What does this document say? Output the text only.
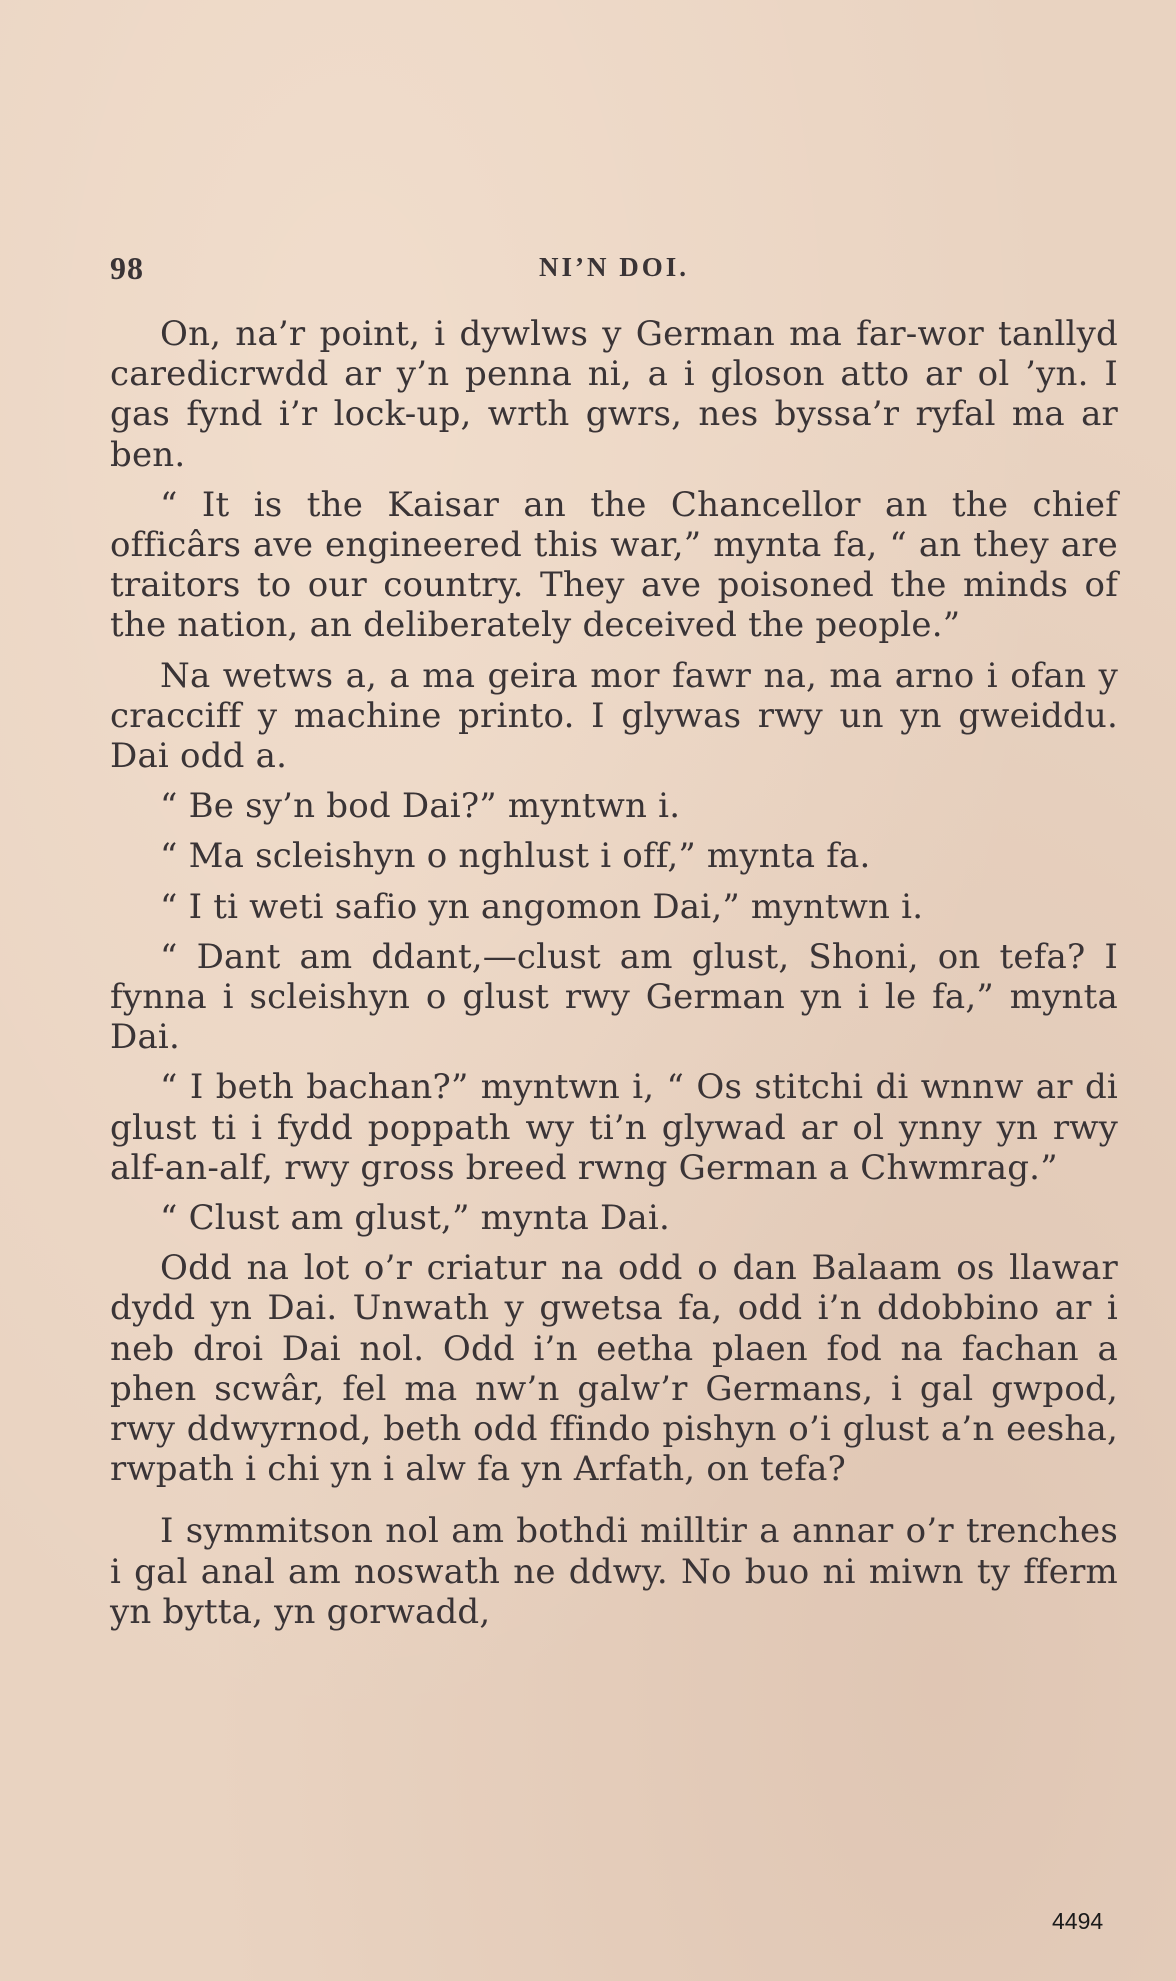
98	NI’N DOI.

On, na’r point, i dywlws y German ma far-wor tanllyd caredicrwdd ar y’n penna ni, a i gloson atto ar ol ’yn. I gas fynd i’r lock-up, wrth gwrs, nes byssa’r ryfal ma ar ben.

“ It is the Kaisar an the Chancellor an the chief officârs ave engineered this war,” mynta fa, “ an they are traitors to our country. They ave poisoned the minds of the nation, an deliberately deceived the people.”

Na wetws a, a ma geira mor fawr na, ma arno i ofan y cracciff y machine printo. I glywas rwy un yn gweiddu. Dai odd a.

“ Be sy’n bod Dai?” myntwn i.

“ Ma scleishyn o nghlust i off,” mynta fa.

“ I ti weti safio yn angomon Dai,” myntwn i.

“ Dant am ddant,—clust am glust, Shoni, on tefa? I fynna i scleishyn o glust rwy German yn i le fa,” mynta Dai.

“ I beth bachan?” myntwn i, “ Os stitchi di wnnw ar di glust ti i fydd poppath wy ti’n glywad ar ol ynny yn rwy alf-an-alf, rwy gross breed rwng German a Chwmrag.”

“ Clust am glust,” mynta Dai.

Odd na lot o’r criatur na odd o dan Balaam os llawar dydd yn Dai. Unwath y gwetsa fa, odd i’n ddobbino ar i neb droi Dai nol. Odd i’n eetha plaen fod na fachan a phen scwâr, fel ma nw’n galw’r Germans, i gal gwpod, rwy ddwyrnod, beth odd ffindo pishyn o’i glust a’n eesha, rwpath i chi yn i alw fa yn Arfath, on tefa?

I symmitson nol am bothdi milltir a annar o’r trenches i gal anal am noswath ne ddwy. No buo ni miwn ty fferm yn bytta, yn gorwadd,

4494
